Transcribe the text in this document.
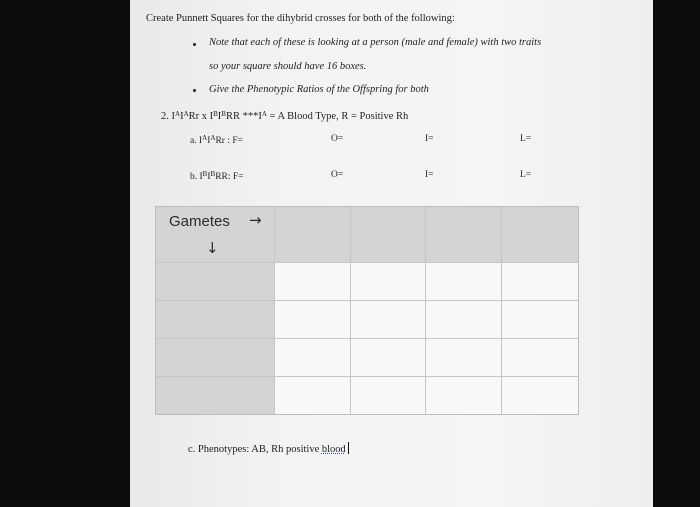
Create Punnett Squares for the dihybrid crosses for both of the following:
Note that each of these is looking at a person (male and female) with two traits
so your square should have 16 boxes.
Give the Phenotypic Ratios of the Offspring for both
2. $I^AI^ARr$ x $I^BI^BRR$ $***I^A = A$ Blood Type, R = Positive Rh
a. $I^AI^ARr$ : F=	O=	I=	L=
b. $I^BI^BRR$: F=	O=	I=	L=
Gametes →
↓
c. Phenotypes: AB, Rh positive blood
